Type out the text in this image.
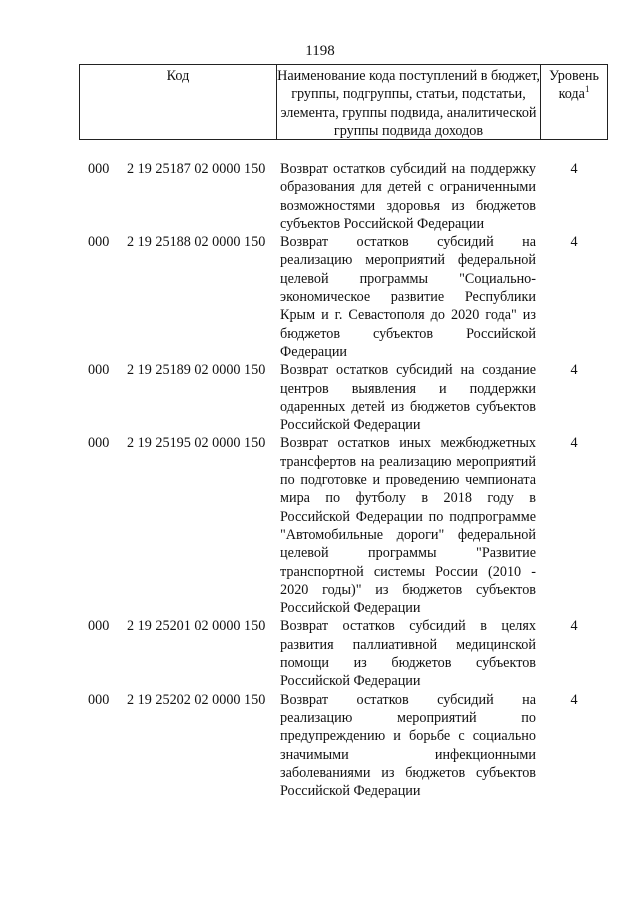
1198
Код	Наименование кода поступлений в бюджет, группы, подгруппы, статьи, подстатьи, элемента, группы подвида, аналитической группы подвида доходов
Уровень кода$^1$
000 2 19 25187 02 0000 150 Возврат остатков субсидий на поддержку образования для детей с ограниченными возможностями здоровья из бюджетов субъектов Российской Федерации
4
000 2 19 25188 02 0000 150 Возврат остатков субсидий на реализацию мероприятий федеральной целевой программы "Социально-экономическое развитие Республики Крым и г. Севастополя до 2020 года" из бюджетов субъектов Российской Федерации
4
000 2 19 25189 02 0000 150 Возврат остатков субсидий на создание центров выявления и поддержки одаренных детей из бюджетов субъектов Российской Федерации
4
000 2 19 25195 02 0000 150 Возврат остатков иных межбюджетных трансфертов на реализацию мероприятий по подготовке и проведению чемпионата мира по футболу в 2018 году в Российской Федерации по подпрограмме "Автомобильные дороги" федеральной целевой программы "Развитие транспортной системы России (2010 - 2020 годы)" из бюджетов субъектов Российской Федерации
4
000 2 19 25201 02 0000 150 Возврат остатков субсидий в целях развития паллиативной медицинской помощи из бюджетов субъектов Российской Федерации
4
000 2 19 25202 02 0000 150 Возврат остатков субсидий на реализацию мероприятий по предупреждению и борьбе с социально значимыми инфекционными заболеваниями из бюджетов субъектов Российской Федерации
4
